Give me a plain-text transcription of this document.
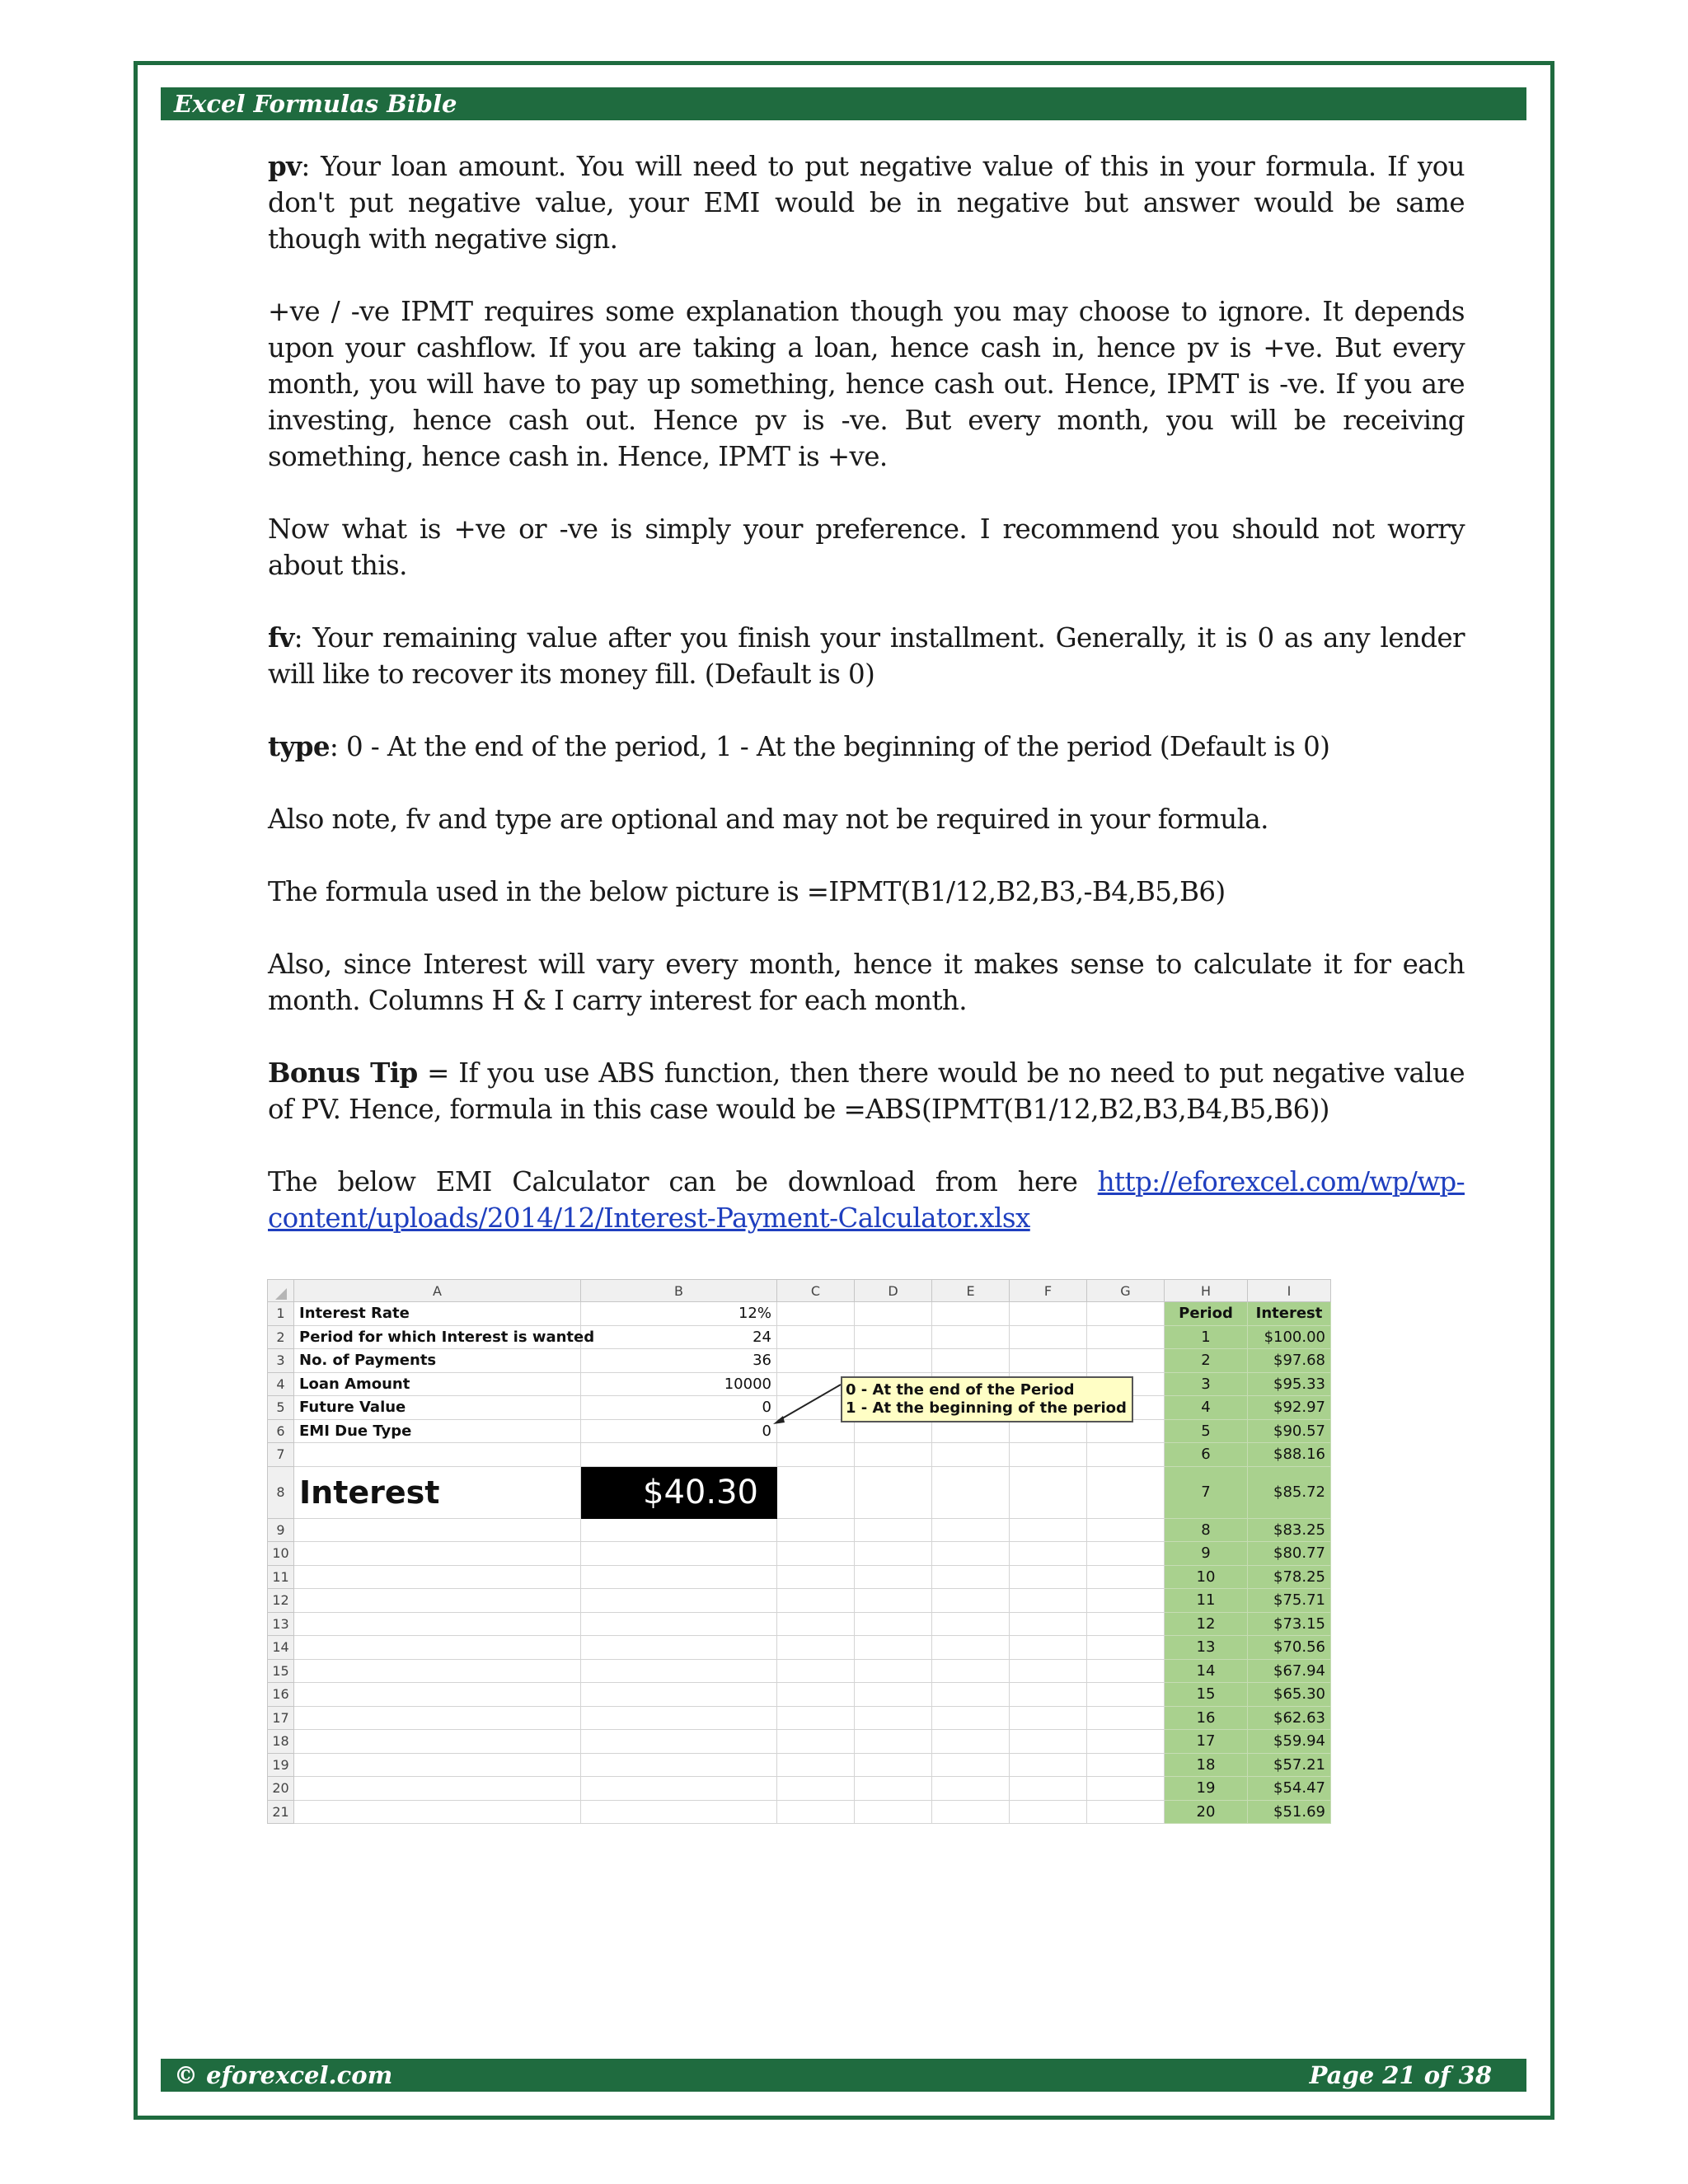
Excel Formulas Bible

pv: Your loan amount. You will need to put negative value of this in your formula. If you don't put negative value, your EMI would be in negative but answer would be same though with negative sign.

+ve / -ve IPMT requires some explanation though you may choose to ignore. It depends upon your cashflow. If you are taking a loan, hence cash in, hence pv is +ve. But every month, you will have to pay up something, hence cash out. Hence, IPMT is -ve. If you are investing, hence cash out. Hence pv is -ve. But every month, you will be receiving something, hence cash in. Hence, IPMT is +ve.

Now what is +ve or -ve is simply your preference. I recommend you should not worry about this.

fv: Your remaining value after you finish your installment. Generally, it is 0 as any lender will like to recover its money fill. (Default is 0)

type: 0 - At the end of the period, 1 - At the beginning of the period (Default is 0)

Also note, fv and type are optional and may not be required in your formula.

The formula used in the below picture is =IPMT(B1/12,B2,B3,-B4,B5,B6)

Also, since Interest will vary every month, hence it makes sense to calculate it for each month. Columns H & I carry interest for each month.

Bonus Tip = If you use ABS function, then there would be no need to put negative value of PV. Hence, formula in this case would be =ABS(IPMT(B1/12,B2,B3,B4,B5,B6))

The below EMI Calculator can be download from here http://eforexcel.com/wp/wp-content/uploads/2014/12/Interest-Payment-Calculator.xlsx

	A	B	C	D	E	F	G	H	I
1	Interest Rate	12%						Period	Interest
2	Period for which Interest is wanted	24						1	$100.00
3	No. of Payments	36						2	$97.68
4	Loan Amount	10000						3	$95.33
5	Future Value	0						4	$92.97
6	EMI Due Type	0						5	$90.57
7								6	$88.16
8	Interest	$40.30						7	$85.72
9								8	$83.25
10								9	$80.77
11								10	$78.25
12								11	$75.71
13								12	$73.15
14								13	$70.56
15								14	$67.94
16								15	$65.30
17								16	$62.63
18								17	$59.94
19								18	$57.21
20								19	$54.47
21								20	$51.69
0 - At the end of the Period
1 - At the beginning of the period
© eforexcel.com	Page 21 of 38
